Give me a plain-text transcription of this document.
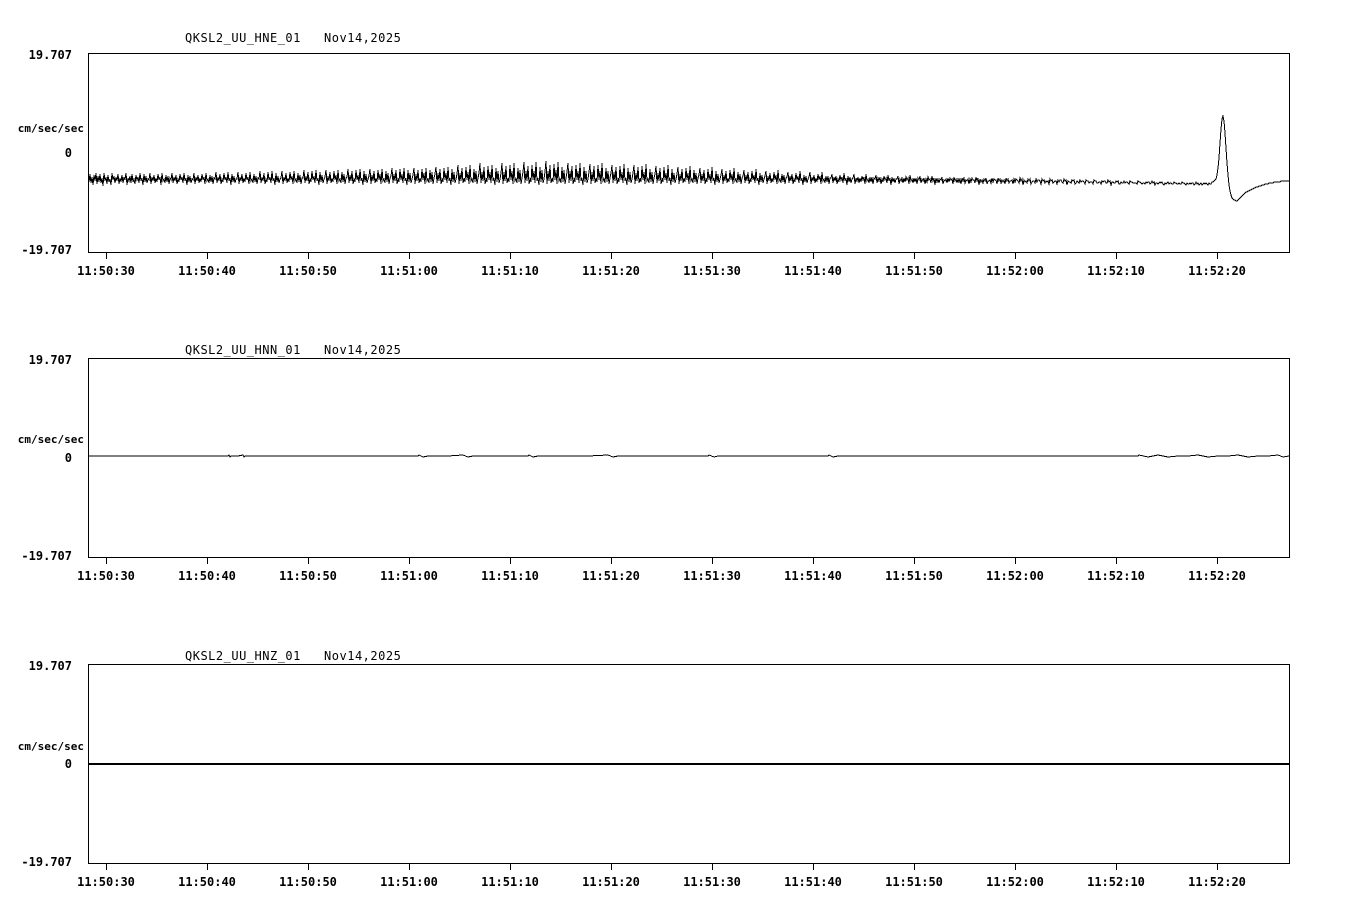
QKSL2_UU_HNE_01   Nov14,2025
cm/sec/sec
19.707
0
-19.707
11:50:30	11:50:40	11:50:50	11:51:00	11:51:10	11:51:20	11:51:30	11:51:40	11:51:50	11:52:00	11:52:10	11:52:20
QKSL2_UU_HNN_01   Nov14,2025
cm/sec/sec
19.707
0
-19.707
11:50:30	11:50:40	11:50:50	11:51:00	11:51:10	11:51:20	11:51:30	11:51:40	11:51:50	11:52:00	11:52:10	11:52:20
QKSL2_UU_HNZ_01   Nov14,2025
cm/sec/sec
19.707
0
-19.707
11:50:30	11:50:40	11:50:50	11:51:00	11:51:10	11:51:20	11:51:30	11:51:40	11:51:50	11:52:00	11:52:10	11:52:20
